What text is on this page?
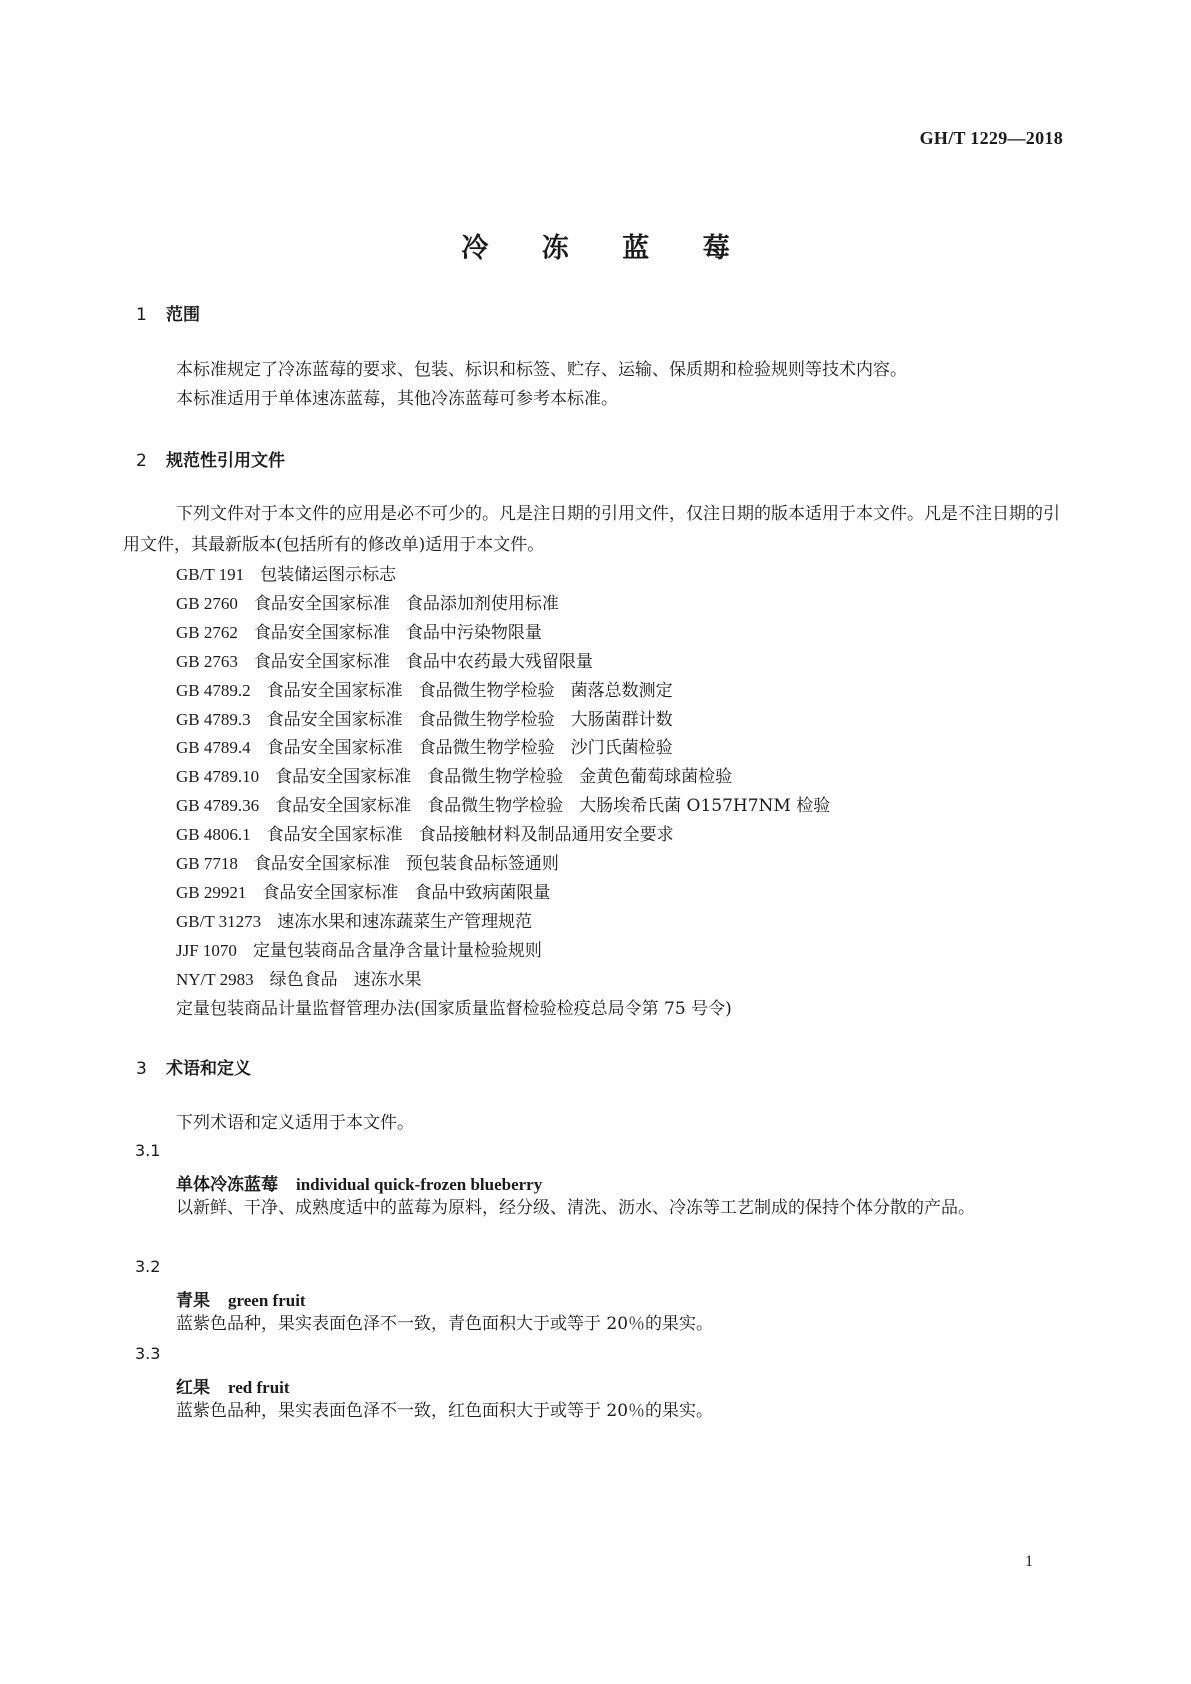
GH/T 1229—2018
冷 冻 蓝 莓
1 范围
本标准规定了冷冻蓝莓的要求、包装、标识和标签、贮存、运输、保质期和检验规则等技术内容。
本标准适用于单体速冻蓝莓，其他冷冻蓝莓可参考本标准。
2 规范性引用文件
下列文件对于本文件的应用是必不可少的。凡是注日期的引用文件，仅注日期的版本适用于本文件。凡是不注日期的引用文件，其最新版本(包括所有的修改单)适用于本文件。
GB/T 191 包装储运图示标志
GB 2760 食品安全国家标准 食品添加剂使用标准
GB 2762 食品安全国家标准 食品中污染物限量
GB 2763 食品安全国家标准 食品中农药最大残留限量
GB 4789.2 食品安全国家标准 食品微生物学检验 菌落总数测定
GB 4789.3 食品安全国家标准 食品微生物学检验 大肠菌群计数
GB 4789.4 食品安全国家标准 食品微生物学检验 沙门氏菌检验
GB 4789.10 食品安全国家标准 食品微生物学检验 金黄色葡萄球菌检验
GB 4789.36 食品安全国家标准 食品微生物学检验 大肠埃希氏菌 O157H7NM 检验
GB 4806.1 食品安全国家标准 食品接触材料及制品通用安全要求
GB 7718 食品安全国家标准 预包装食品标签通则
GB 29921 食品安全国家标准 食品中致病菌限量
GB/T 31273 速冻水果和速冻蔬菜生产管理规范
JJF 1070 定量包装商品含量净含量计量检验规则
NY/T 2983 绿色食品 速冻水果
定量包装商品计量监督管理办法(国家质量监督检验检疫总局令第 75 号令)
3 术语和定义
下列术语和定义适用于本文件。
3.1
单体冷冻蓝莓 individual quick-frozen blueberry
以新鲜、干净、成熟度适中的蓝莓为原料，经分级、清洗、沥水、冷冻等工艺制成的保持个体分散的产品。
3.2
青果 green fruit
蓝紫色品种，果实表面色泽不一致，青色面积大于或等于 20％的果实。
3.3
红果 red fruit
蓝紫色品种，果实表面色泽不一致，红色面积大于或等于 20％的果实。
1
